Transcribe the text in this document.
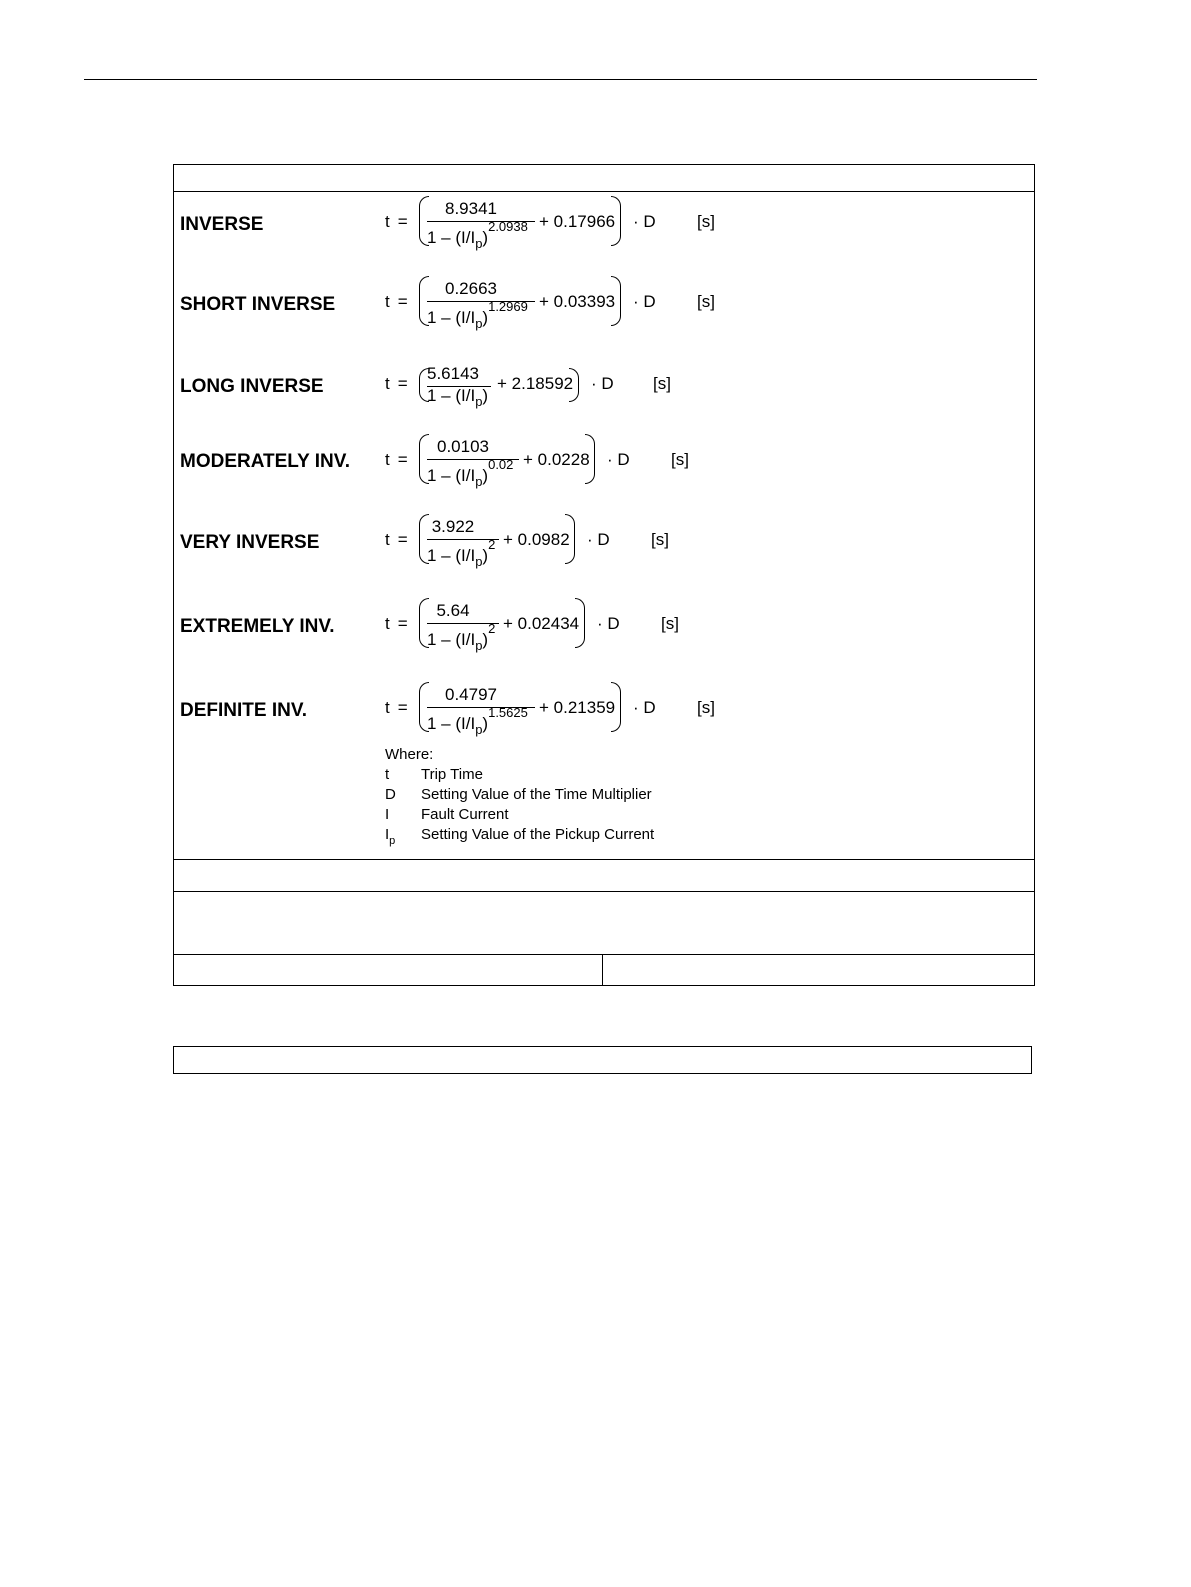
INVERSE	t =
8.9341
$1 - (I/I_p)^{2.0938} + 0.17966 \cdot D$ [s]
SHORT INVERSE	t =
0.2663
$1 - (I/I_p)^{1.2969} + 0.03393 \cdot D$ [s]
LONG INVERSE	t =
5.6143
$1 - (I/I_p)$
+ 2.18592 · D [s]
MODERATELY INV. t =
0.0103
$1 - (I/I_p)^{0.02} + 0.0228 \cdot D$ [s]
VERY INVERSE	t =
3.922
$1 - (I/I_p)^2 + 0.0982 \cdot D$ [s]
EXTREMELY INV.	t =
5.64
$1 - (I/I_p)^2 + 0.02434 \cdot D$ [s]
DEFINITE INV.	t =
0.4797
$1 - (I/I_p)^{1.5625} + 0.21359 \cdot D$ [s]
Where:
t Trip Time
D Setting Value of the Time Multiplier
I Fault Current
$I_p$ Setting Value of the Pickup Current
